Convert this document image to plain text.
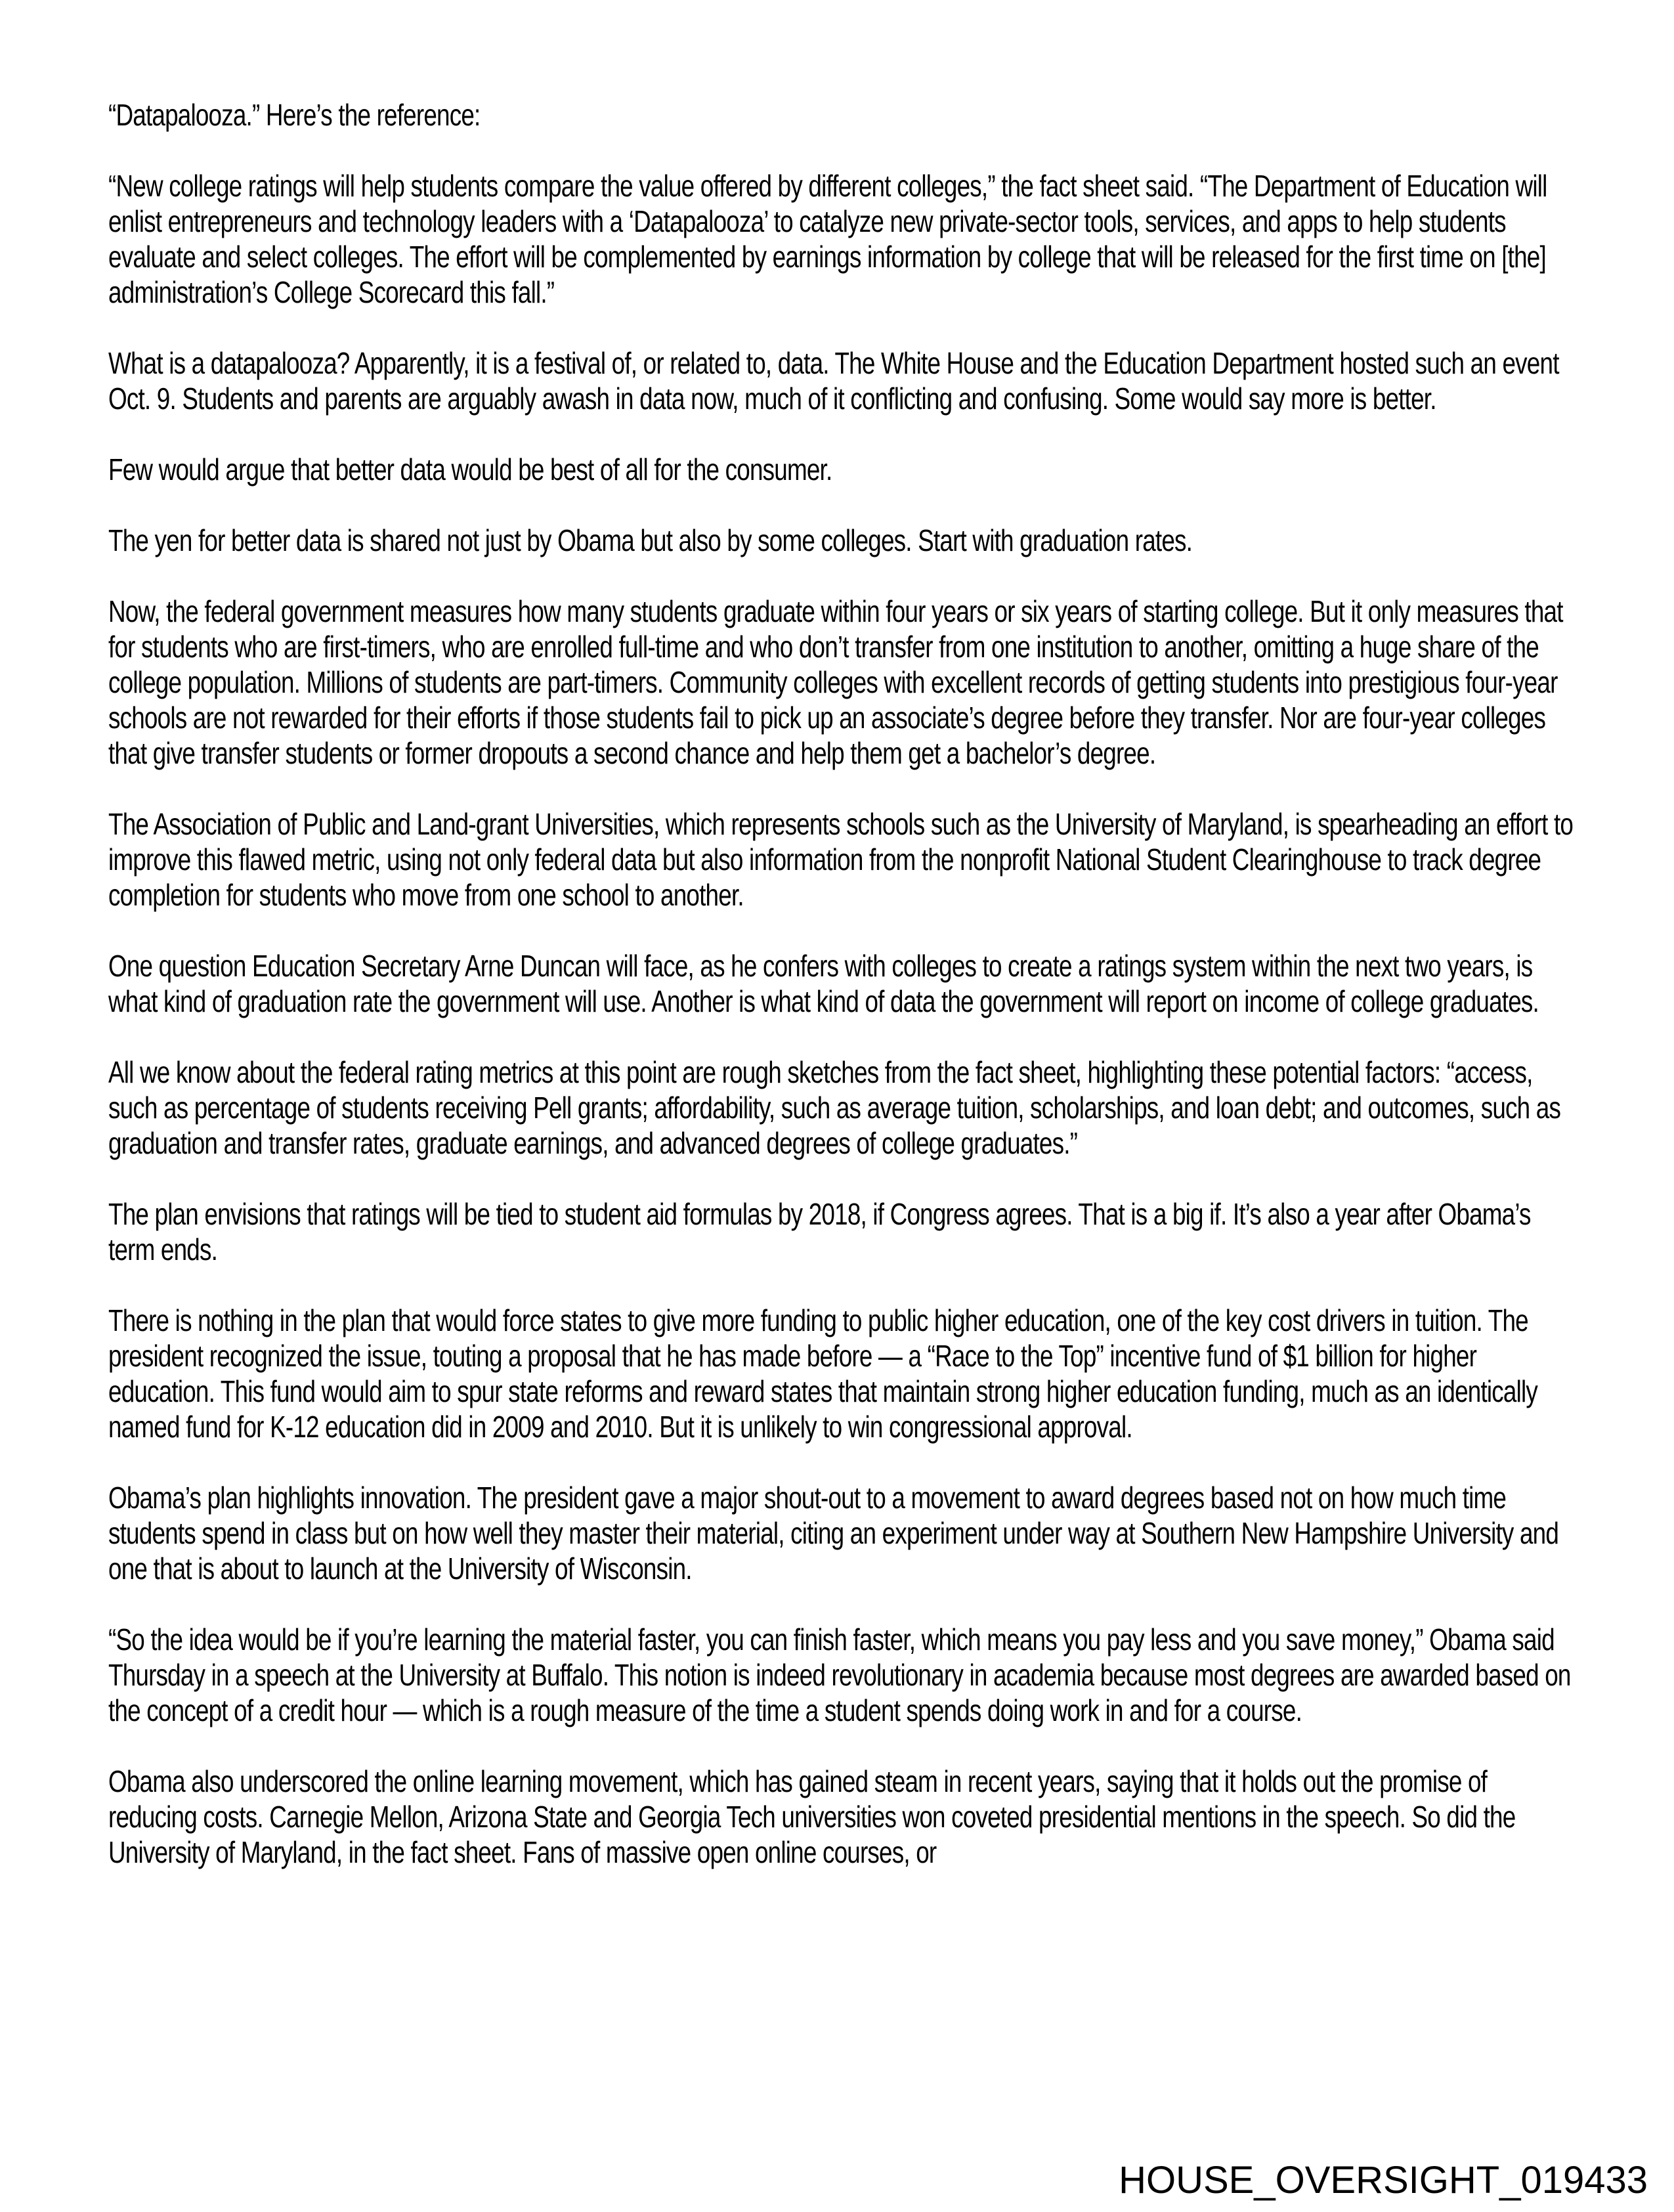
“Datapalooza.” Here’s the reference:

“New college ratings will help students compare the value offered by different colleges,” the fact sheet said. “The Department of Education will enlist entrepreneurs and technology leaders with a ‘Datapalooza’ to catalyze new private-sector tools, services, and apps to help students evaluate and select colleges. The effort will be complemented by earnings information by college that will be released for the first time on [the] administration’s College Scorecard this fall.”

What is a datapalooza? Apparently, it is a festival of, or related to, data. The White House and the Education Department hosted such an event Oct. 9. Students and parents are arguably awash in data now, much of it conflicting and confusing. Some would say more is better.

Few would argue that better data would be best of all for the consumer.

The yen for better data is shared not just by Obama but also by some colleges. Start with graduation rates.

Now, the federal government measures how many students graduate within four years or six years of starting college. But it only measures that for students who are first-timers, who are enrolled full-time and who don’t transfer from one institution to another, omitting a huge share of the college population. Millions of students are part-timers. Community colleges with excellent records of getting students into prestigious four-year schools are not rewarded for their efforts if those students fail to pick up an associate’s degree before they transfer. Nor are four-year colleges that give transfer students or former dropouts a second chance and help them get a bachelor’s degree.

The Association of Public and Land-grant Universities, which represents schools such as the University of Maryland, is spearheading an effort to improve this flawed metric, using not only federal data but also information from the nonprofit National Student Clearinghouse to track degree completion for students who move from one school to another.

One question Education Secretary Arne Duncan will face, as he confers with colleges to create a ratings system within the next two years, is what kind of graduation rate the government will use. Another is what kind of data the government will report on income of college graduates.

All we know about the federal rating metrics at this point are rough sketches from the fact sheet, highlighting these potential factors: “access, such as percentage of students receiving Pell grants; affordability, such as average tuition, scholarships, and loan debt; and outcomes, such as graduation and transfer rates, graduate earnings, and advanced degrees of college graduates.”

The plan envisions that ratings will be tied to student aid formulas by 2018, if Congress agrees. That is a big if. It’s also a year after Obama’s term ends.

There is nothing in the plan that would force states to give more funding to public higher education, one of the key cost drivers in tuition. The president recognized the issue, touting a proposal that he has made before — a “Race to the Top” incentive fund of $1 billion for higher education. This fund would aim to spur state reforms and reward states that maintain strong higher education funding, much as an identically named fund for K-12 education did in 2009 and 2010. But it is unlikely to win congressional approval.

Obama’s plan highlights innovation. The president gave a major shout-out to a movement to award degrees based not on how much time students spend in class but on how well they master their material, citing an experiment under way at Southern New Hampshire University and one that is about to launch at the University of Wisconsin.

“So the idea would be if you’re learning the material faster, you can finish faster, which means you pay less and you save money,” Obama said Thursday in a speech at the University at Buffalo. This notion is indeed revolutionary in academia because most degrees are awarded based on the concept of a credit hour — which is a rough measure of the time a student spends doing work in and for a course.

Obama also underscored the online learning movement, which has gained steam in recent years, saying that it holds out the promise of reducing costs. Carnegie Mellon, Arizona State and Georgia Tech universities won coveted presidential mentions in the speech. So did the University of Maryland, in the fact sheet. Fans of massive open online courses, or

HOUSE_OVERSIGHT_019433
